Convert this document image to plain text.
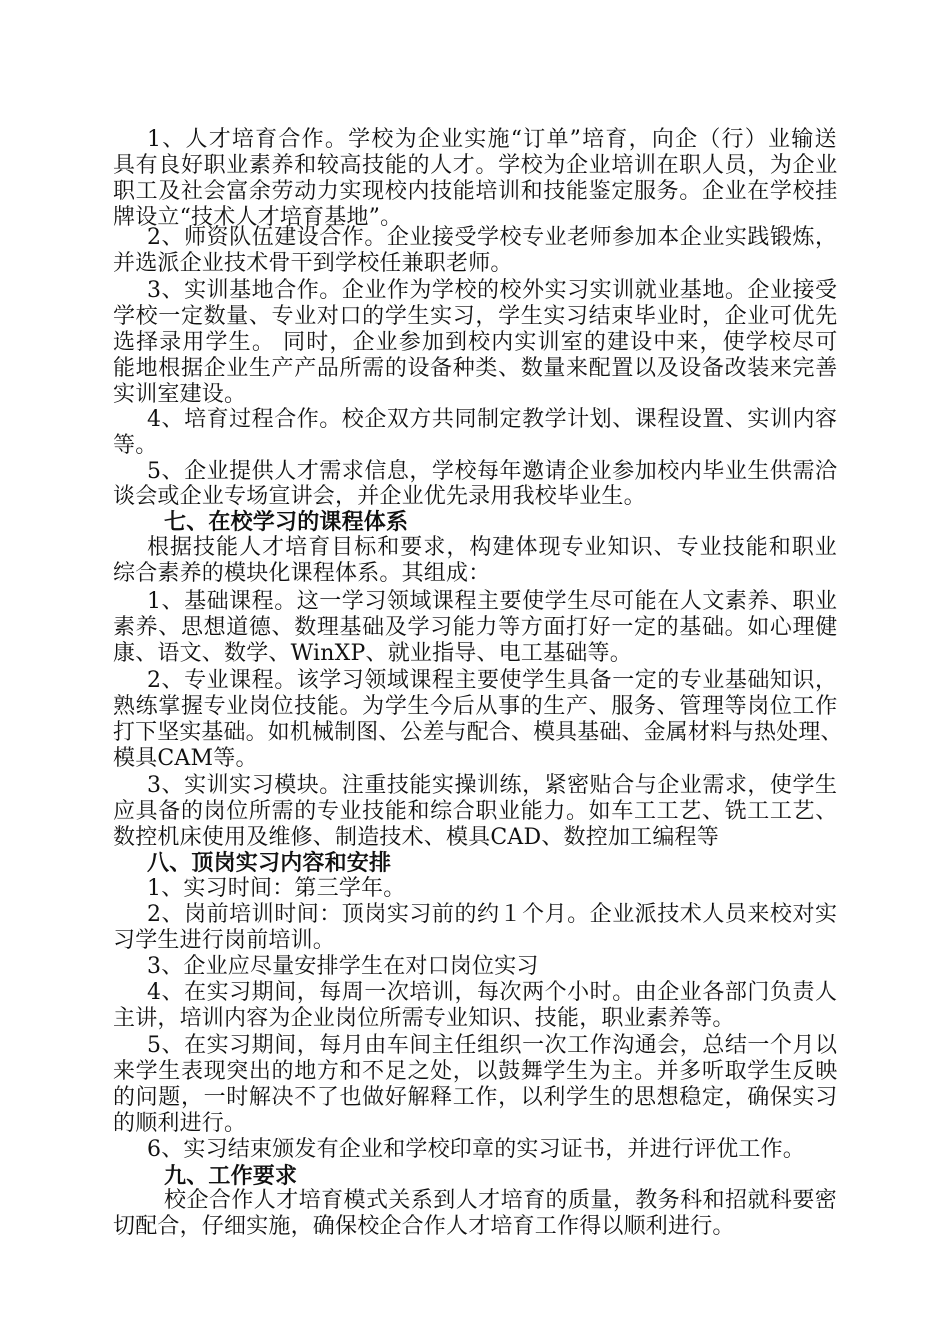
1、人才培育合作。学校为企业实施“订单”培育，向企（行）业输送
具有良好职业素养和较高技能的人才。学校为企业培训在职人员，为企业
职工及社会富余劳动力实现校内技能培训和技能鉴定服务。企业在学校挂
牌设立“技术人才培育基地”。
2、师资队伍建设合作。企业接受学校专业老师参加本企业实践锻炼，
并选派企业技术骨干到学校任兼职老师。
3、实训基地合作。企业作为学校的校外实习实训就业基地。企业接受
学校一定数量、专业对口的学生实习，学生实习结束毕业时，企业可优先
选择录用学生。 同时，企业参加到校内实训室的建设中来，使学校尽可
能地根据企业生产产品所需的设备种类、数量来配置以及设备改装来完善
实训室建设。
4、培育过程合作。校企双方共同制定教学计划、课程设置、实训内容
等。
5、企业提供人才需求信息，学校每年邀请企业参加校内毕业生供需洽
谈会或企业专场宣讲会，并企业优先录用我校毕业生。
七、在校学习的课程体系
根据技能人才培育目标和要求，构建体现专业知识、专业技能和职业
综合素养的模块化课程体系。其组成：
1、基础课程。这一学习领域课程主要使学生尽可能在人文素养、职业
素养、思想道德、数理基础及学习能力等方面打好一定的基础。如心理健
康、语文、数学、WinXP、就业指导、电工基础等。
2、专业课程。该学习领域课程主要使学生具备一定的专业基础知识，
熟练掌握专业岗位技能。为学生今后从事的生产、服务、管理等岗位工作
打下坚实基础。如机械制图、公差与配合、模具基础、金属材料与热处理、
模具CAM等。
3、实训实习模块。注重技能实操训练，紧密贴合与企业需求，使学生
应具备的岗位所需的专业技能和综合职业能力。如车工工艺、铣工工艺、
数控机床使用及维修、制造技术、模具CAD、数控加工编程等
八、顶岗实习内容和安排
1、实习时间：第三学年。
2、岗前培训时间：顶岗实习前的约１个月。企业派技术人员来校对实
习学生进行岗前培训。
3、企业应尽量安排学生在对口岗位实习
4、在实习期间，每周一次培训，每次两个小时。由企业各部门负责人
主讲，培训内容为企业岗位所需专业知识、技能，职业素养等。
5、在实习期间，每月由车间主任组织一次工作沟通会，总结一个月以
来学生表现突出的地方和不足之处，以鼓舞学生为主。并多听取学生反映
的问题，一时解决不了也做好解释工作，以利学生的思想稳定，确保实习
的顺利进行。
6、实习结束颁发有企业和学校印章的实习证书，并进行评优工作。
九、工作要求
校企合作人才培育模式关系到人才培育的质量，教务科和招就科要密
切配合，仔细实施，确保校企合作人才培育工作得以顺利进行。
